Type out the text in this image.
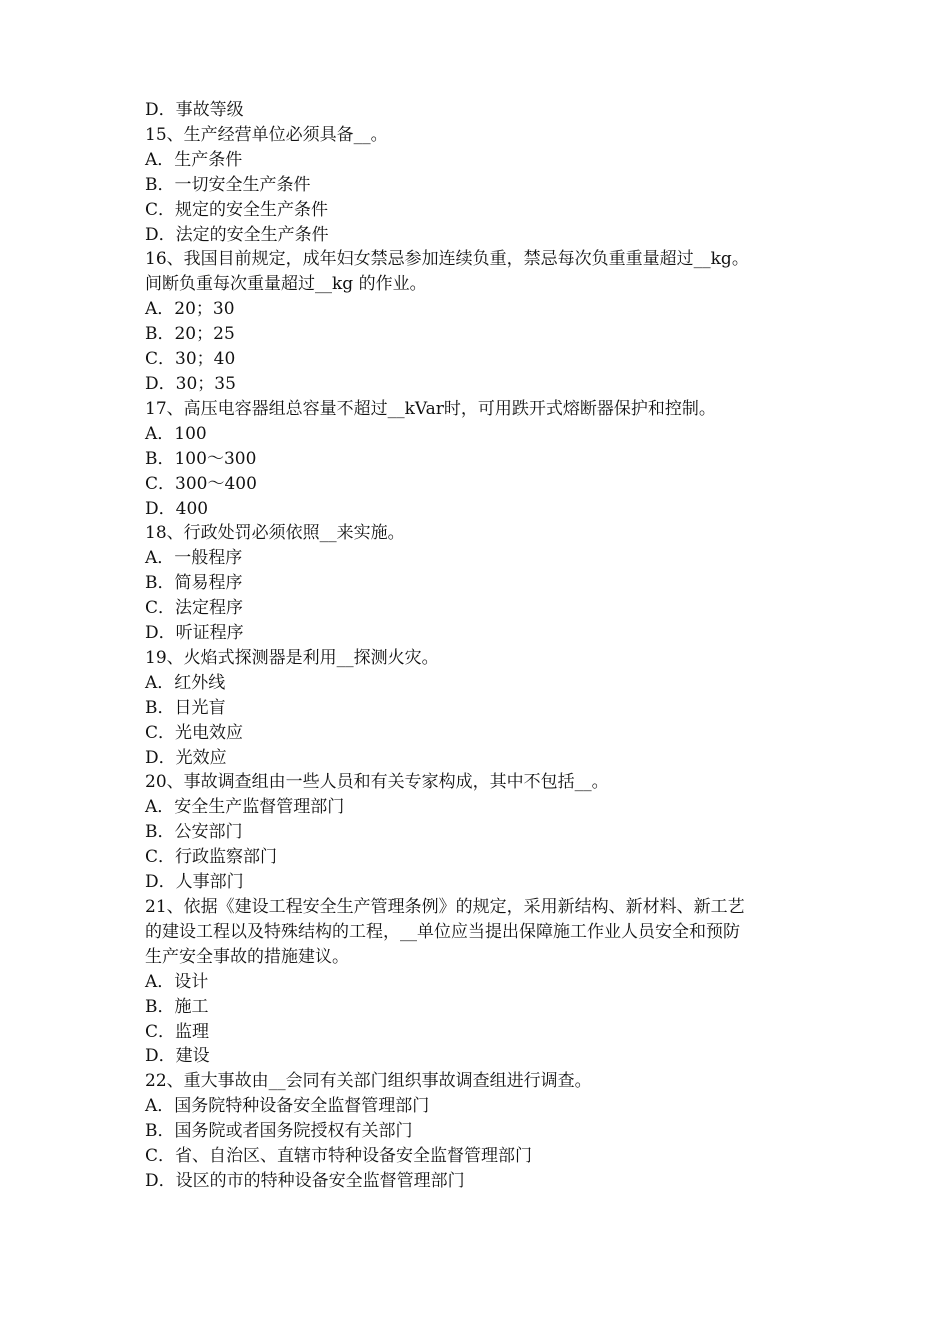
D．事故等级

15、生产经营单位必须具备__。

A．生产条件

B．一切安全生产条件

C．规定的安全生产条件

D．法定的安全生产条件

16、我国目前规定，成年妇女禁忌参加连续负重，禁忌每次负重重量超过__kg。

间断负重每次重量超过__kg 的作业。

A．20；30

B．20；25

C．30；40

D．30；35

17、高压电容器组总容量不超过__kVar时，可用跌开式熔断器保护和控制。

A．100

B．100～300

C．300～400

D．400

18、行政处罚必须依照__来实施。

A．一般程序

B．简易程序

C．法定程序

D．听证程序

19、火焰式探测器是利用__探测火灾。

A．红外线

B．日光盲

C．光电效应

D．光效应

20、事故调查组由一些人员和有关专家构成，其中不包括__。

A．安全生产监督管理部门

B．公安部门

C．行政监察部门

D．人事部门

21、依据《建设工程安全生产管理条例》的规定，采用新结构、新材料、新工艺

的建设工程以及特殊结构的工程，__单位应当提出保障施工作业人员安全和预防

生产安全事故的措施建议。

A．设计

B．施工

C．监理

D．建设

22、重大事故由__会同有关部门组织事故调查组进行调查。

A．国务院特种设备安全监督管理部门

B．国务院或者国务院授权有关部门

C．省、自治区、直辖市特种设备安全监督管理部门

D．设区的市的特种设备安全监督管理部门
